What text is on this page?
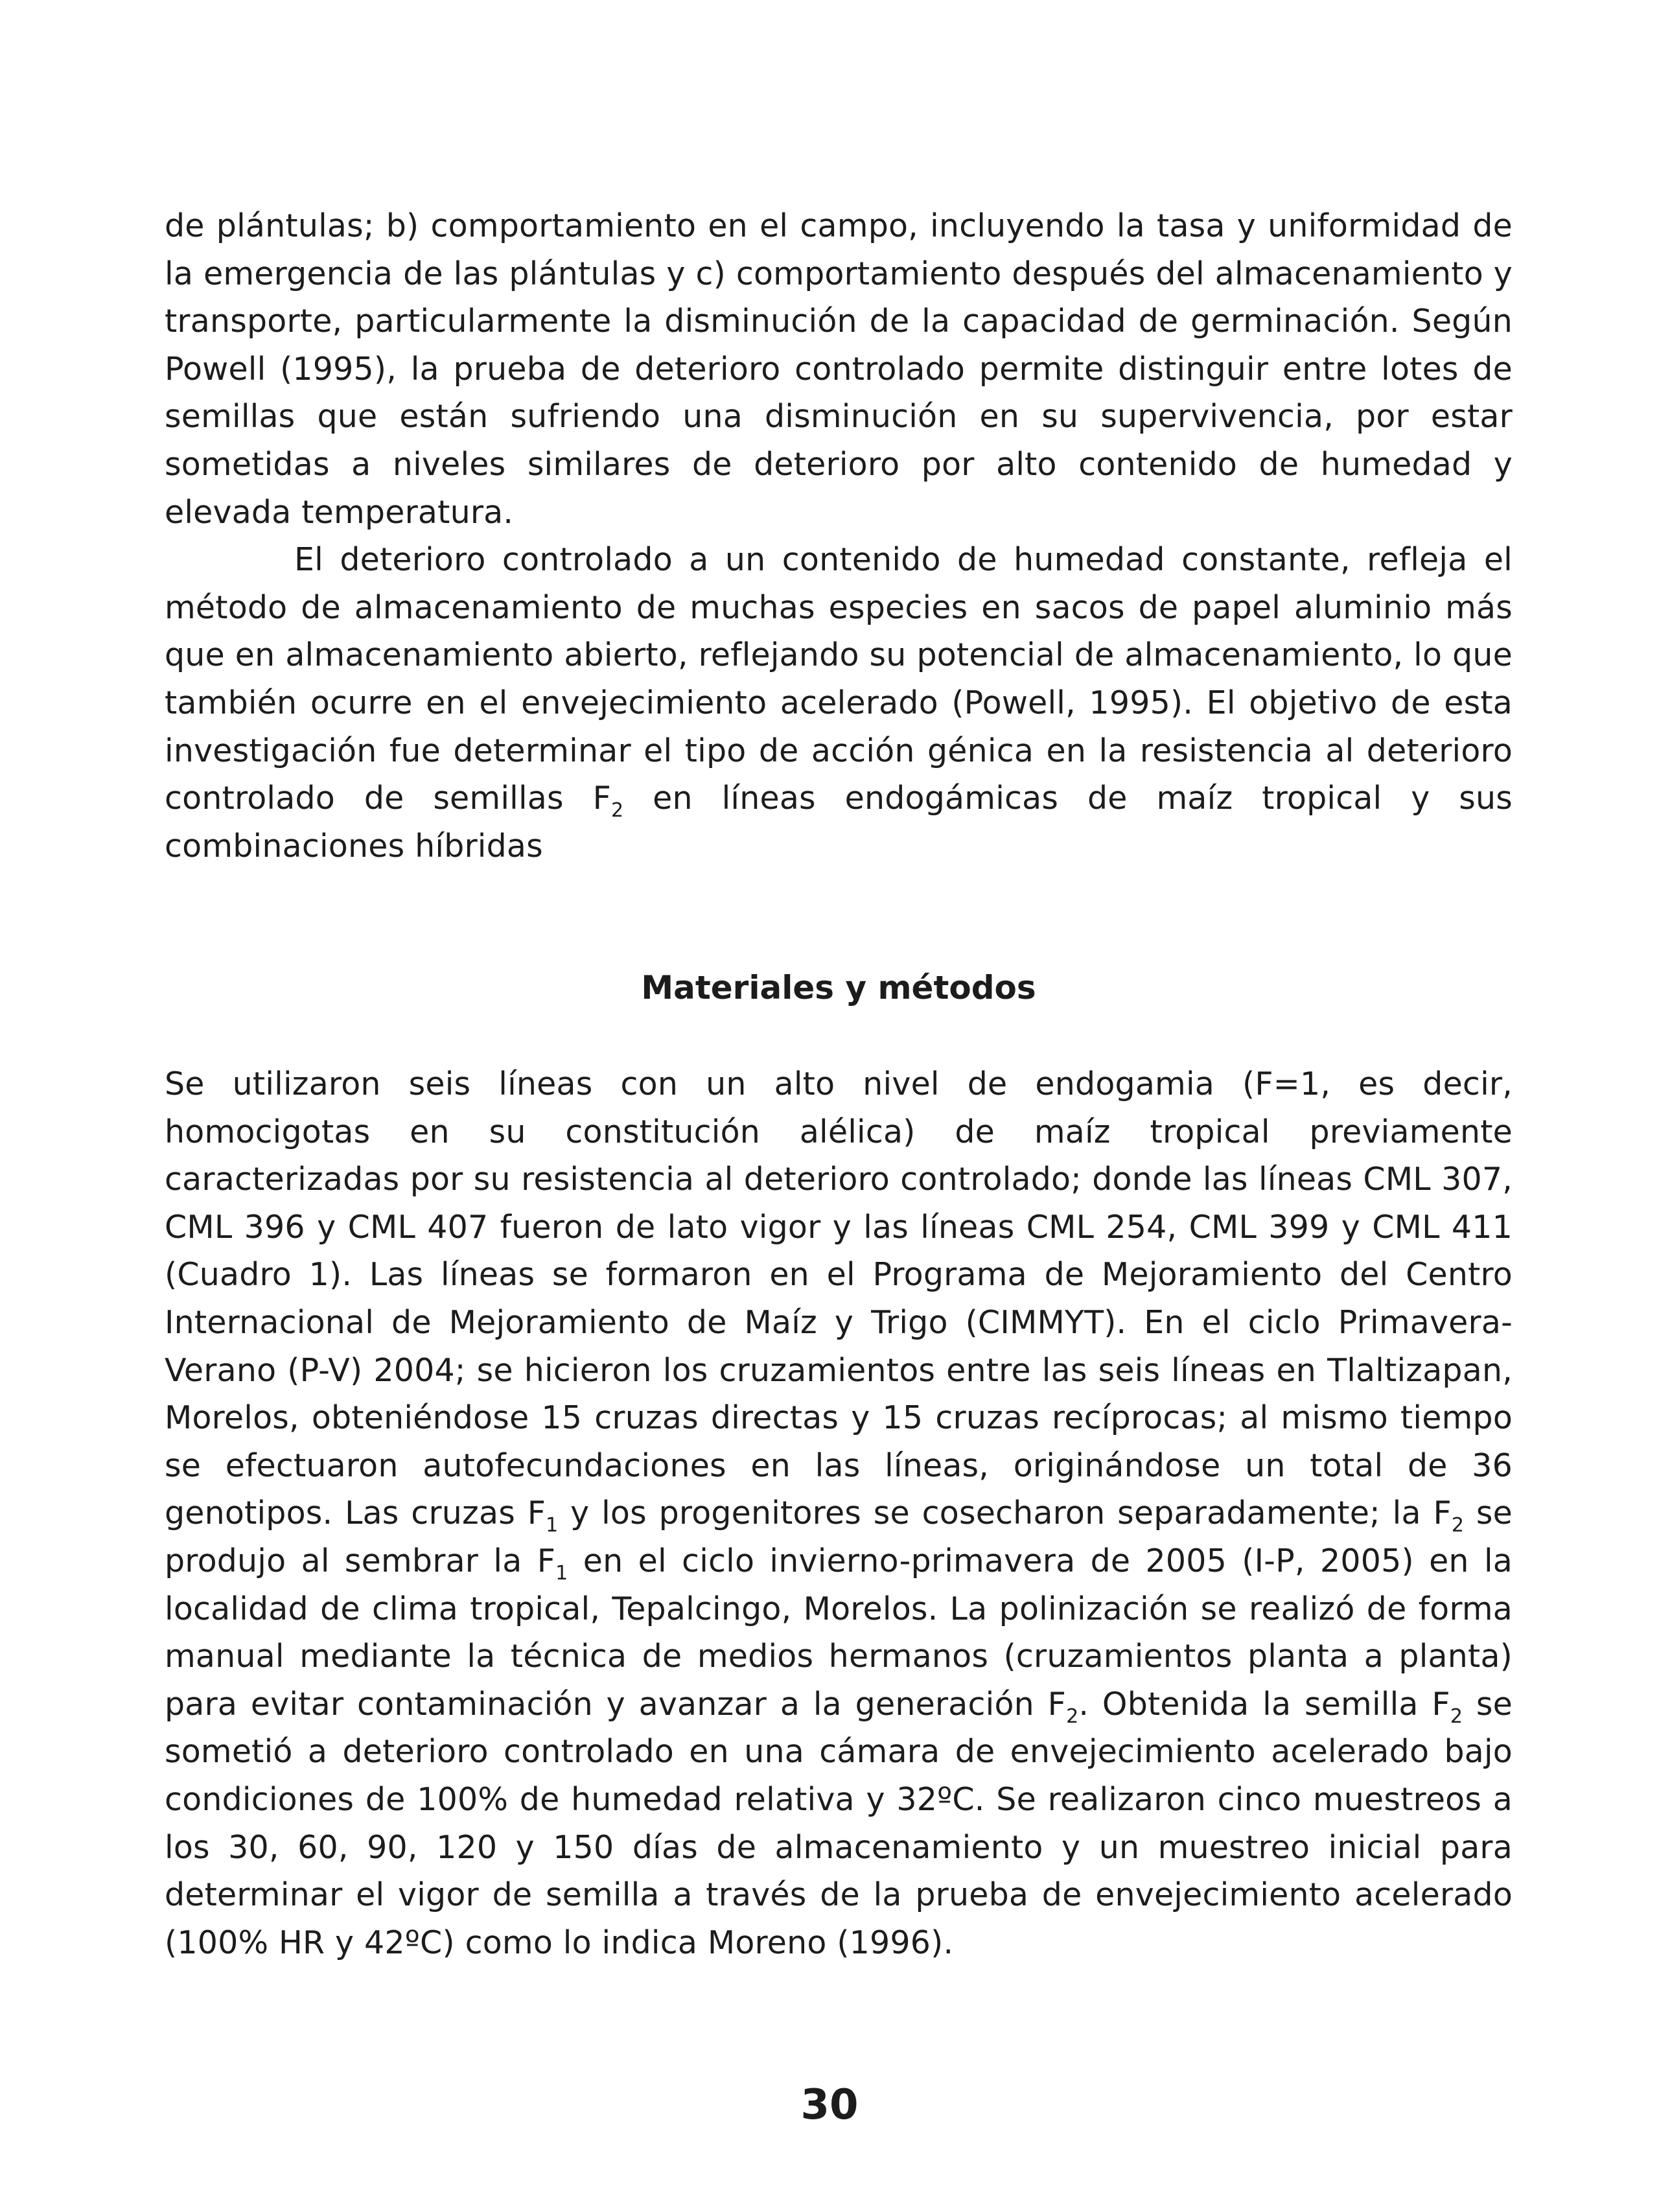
de plántulas; b) comportamiento en el campo, incluyendo la tasa y uniformidad de la emergencia de las plántulas y c) comportamiento después del almacenamiento y transporte, particularmente la disminución de la capacidad de germinación. Según Powell (1995), la prueba de deterioro controlado permite distinguir entre lotes de semillas que están sufriendo una disminución en su supervivencia, por estar sometidas a niveles similares de deterioro por alto contenido de humedad y elevada temperatura.

El deterioro controlado a un contenido de humedad constante, refleja el método de almacenamiento de muchas especies en sacos de papel aluminio más que en almacenamiento abierto, reflejando su potencial de almacenamiento, lo que también ocurre en el envejecimiento acelerado (Powell, 1995). El objetivo de esta investigación fue determinar el tipo de acción génica en la resistencia al deterioro controlado de semillas $F_2$ en líneas endogámicas de maíz tropical y sus combinaciones híbridas

Materiales y métodos

Se utilizaron seis líneas con un alto nivel de endogamia (F=1, es decir, homocigotas en su constitución alélica) de maíz tropical previamente caracterizadas por su resistencia al deterioro controlado; donde las líneas CML 307, CML 396 y CML 407 fueron de lato vigor y las líneas CML 254, CML 399 y CML 411 (Cuadro 1). Las líneas se formaron en el Programa de Mejoramiento del Centro Internacional de Mejoramiento de Maíz y Trigo (CIMMYT). En el ciclo Primavera-Verano (P-V) 2004; se hicieron los cruzamientos entre las seis líneas en Tlaltizapan, Morelos, obteniéndose 15 cruzas directas y 15 cruzas recíprocas; al mismo tiempo se efectuaron autofecundaciones en las líneas, originándose un total de 36 genotipos. Las cruzas $F_1$ y los progenitores se cosecharon separadamente; la $F_2$ se produjo al sembrar la $F_1$ en el ciclo invierno-primavera de 2005 (I-P, 2005) en la localidad de clima tropical, Tepalcingo, Morelos. La polinización se realizó de forma manual mediante la técnica de medios hermanos (cruzamientos planta a planta) para evitar contaminación y avanzar a la generación $F_2$. Obtenida la semilla $F_2$ se sometió a deterioro controlado en una cámara de envejecimiento acelerado bajo condiciones de 100% de humedad relativa y 32ºC. Se realizaron cinco muestreos a los 30, 60, 90, 120 y 150 días de almacenamiento y un muestreo inicial para determinar el vigor de semilla a través de la prueba de envejecimiento acelerado (100% HR y 42ºC) como lo indica Moreno (1996).

30
